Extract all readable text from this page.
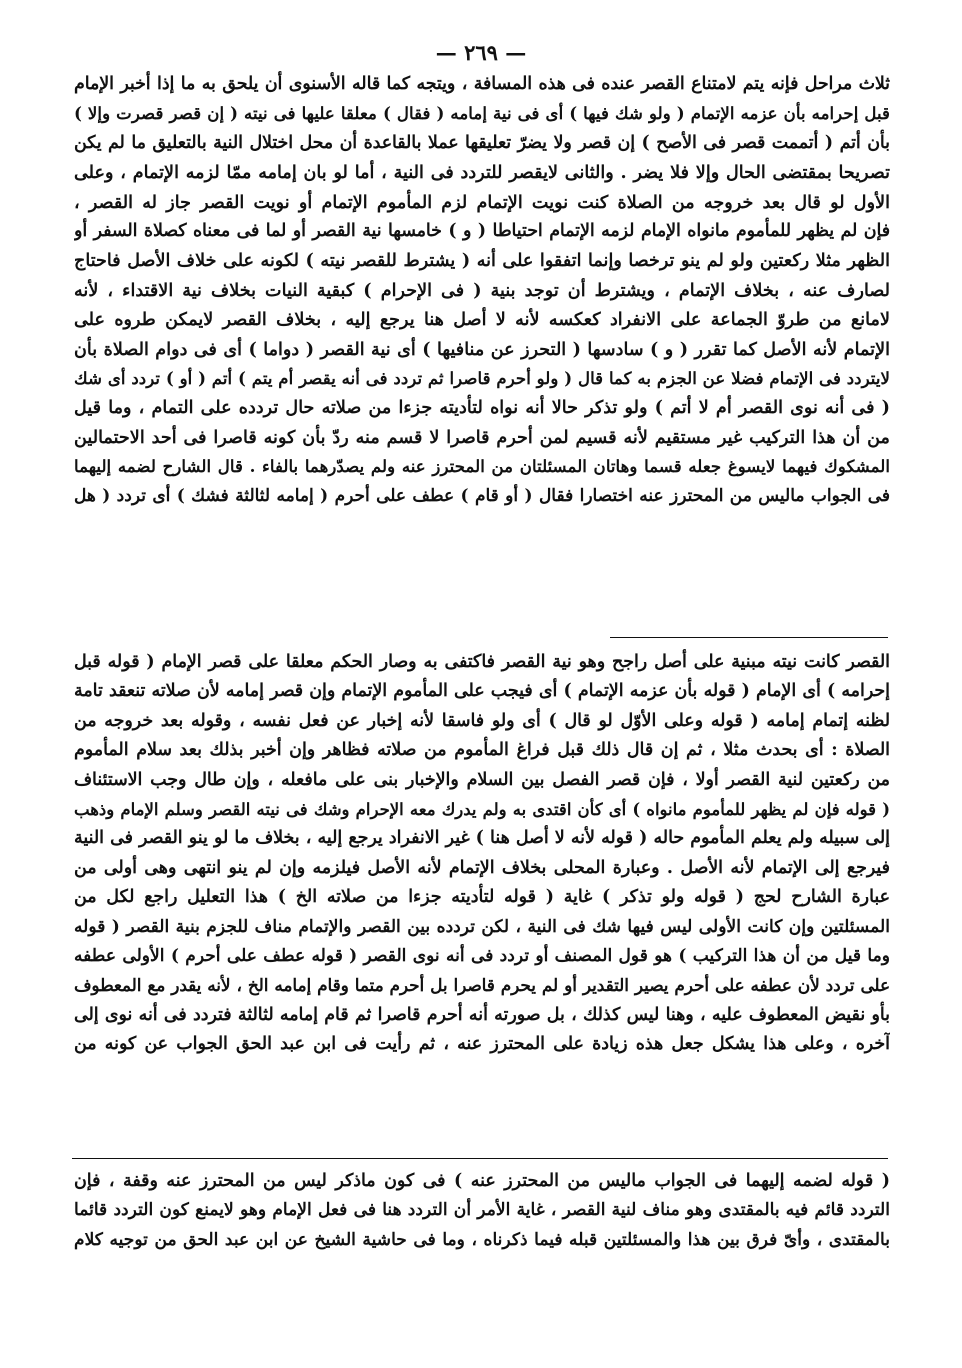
— ٢٦٩ —
ثلاث مراحل فإنه يتم لامتناع القصر عنده فى هذه المسافة ، ويتجه كما قاله الأسنوى أن يلحق به ما إذا أخبر الإمام
قبل إحرامه بأن عزمه الإتمام ( ولو شك فيها ) أى فى نية إمامه ( فقال ) معلقا عليها فى نيته ( إن قصر قصرت وإلا )
بأن أتم ( أتممت قصر فى الأصح ) إن قصر ولا يضرّ تعليقها عملا بالقاعدة أن محل اختلال النية بالتعليق ما لم يكن
تصريحا بمقتضى الحال وإلا فلا يضر . والثانى لايقصر للتردد فى النية ، أما لو بان إمامه ممّا لزمه الإتمام ، وعلى
الأول لو قال بعد خروجه من الصلاة كنت نويت الإتمام لزم المأموم الإتمام أو نويت القصر جاز له القصر ،
فإن لم يظهر للمأموم مانواه الإمام لزمه الإتمام احتياطا ( و ) خامسها نية القصر أو لما فى معناه كصلاة السفر أو
الظهر مثلا ركعتين ولو لم ينو ترخصا وإنما اتفقوا على أنه ( يشترط للقصر نيته ) لكونه على خلاف الأصل فاحتاج
لصارف عنه ، بخلاف الإتمام ، ويشترط أن توجد بنية ( فى الإحرام ) كبقية النيات بخلاف نية الاقتداء ، لأنه
لامانع من طروّ الجماعة على الانفراد كعكسه لأنه لا أصل هنا يرجع إليه ، بخلاف القصر لايمكن طروه على
الإتمام لأنه الأصل كما تقرر ( و ) سادسها ( التحرز عن منافيها ) أى نية القصر ( دواما ) أى فى دوام الصلاة بأن
لايتردد فى الإتمام فضلا عن الجزم به كما قال ( ولو أحرم قاصرا ثم تردد فى أنه يقصر أم يتم ) أتم ( أو ) تردد أى شك
( فى أنه نوى القصر أم لا أتم ) ولو تذكر حالا أنه نواه لتأديته جزءا من صلاته حال تردده على التمام ، وما قيل
من أن هذا التركيب غير مستقيم لأنه قسيم لمن أحرم قاصرا لا قسم منه ردّ بأن كونه قاصرا فى أحد الاحتمالين
المشكوك فيهما لايسوغ جعله قسما وهاتان المسئلتان من المحترز عنه ولم يصدّرهما بالفاء . قال الشارح لضمه إليهما
فى الجواب ماليس من المحترز عنه اختصارا فقال ( أو قام ) عطف على أحرم ( إمامه لثالثة فشك ) أى تردد ( هل
القصر كانت نيته مبنية على أصل راجح وهو نية القصر فاكتفى به وصار الحكم معلقا على قصر الإمام ( قوله قبل
إحرامه ) أى الإمام ( قوله بأن عزمه الإتمام ) أى فيجب على المأموم الإتمام وإن قصر إمامه لأن صلاته تنعقد تامة
لظنه إتمام إمامه ( قوله وعلى الأوّل لو قال ) أى ولو فاسقا لأنه إخبار عن فعل نفسه ، وقوله بعد خروجه من
الصلاة : أى بحدث مثلا ، ثم إن قال ذلك قبل فراغ المأموم من صلاته فظاهر وإن أخبر بذلك بعد سلام المأموم
من ركعتين لنية القصر أولا ، فإن قصر الفصل بين السلام والإخبار بنى على مافعله ، وإن طال وجب الاستئناف
( قوله فإن لم يظهر للمأموم مانواه ) أى كأن اقتدى به ولم يدرك معه الإحرام وشك فى نيته القصر وسلم الإمام وذهب
إلى سبيله ولم يعلم المأموم حاله ( قوله لأنه لا أصل هنا ) غير الانفراد يرجع إليه ، بخلاف ما لو ينو القصر فى النية
فيرجع إلى الإتمام لأنه الأصل . وعبارة المحلى بخلاف الإتمام لأنه الأصل فيلزمه وإن لم ينو انتهى وهى أولى من
عبارة الشارح لحج ( قوله ولو تذكر ) غاية ( قوله لتأديته جزءا من صلاته الخ ) هذا التعليل راجع لكل من
المسئلتين وإن كانت الأولى ليس فيها شك فى النية ، لكن تردده بين القصر والإتمام مناف للجزم بنية القصر ( قوله
وما قيل من أن هذا التركيب ) هو قول المصنف أو تردد فى أنه نوى القصر ( قوله عطف على أحرم ) الأولى عطفه
على تردد لأن عطفه على أحرم يصير التقدير أو لم يحرم قاصرا بل أحرم متما وقام إمامه الخ ، لأنه يقدر مع المعطوف
بأو نقيض المعطوف عليه ، وهنا ليس كذلك ، بل صورته أنه أحرم قاصرا ثم قام إمامه لثالثة فتردد فى أنه نوى إلى
آخره ، وعلى هذا يشكل جعل هذه زيادة على المحترز عنه ، ثم رأيت فى ابن عبد الحق الجواب عن كونه من
( قوله لضمه إليهما فى الجواب ماليس من المحترز عنه ) فى كون ماذكر ليس من المحترز عنه وقفة ، فإن
التردد قائم فيه بالمقتدى وهو مناف لنية القصر ، غاية الأمر أن التردد هنا فى فعل الإمام وهو لايمنع كون التردد قائما
بالمقتدى ، وأىّ فرق بين هذا والمسئلتين قبله فيما ذكرناه ، وما فى حاشية الشيخ عن ابن عبد الحق من توجيه كلام
